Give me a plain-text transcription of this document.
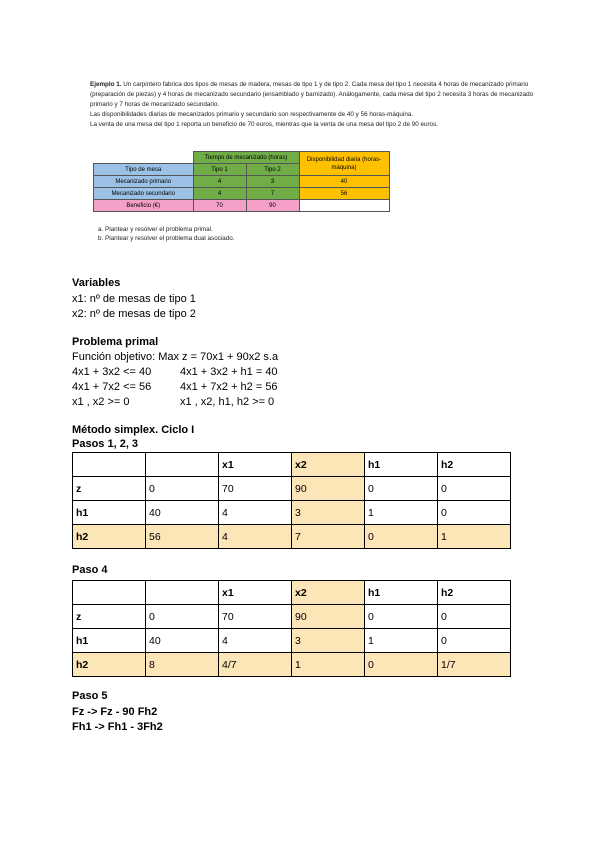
Ejemplo 1. Un carpintero fabrica dos tipos de mesas de madera, mesas de tipo 1 y de tipo 2. Cada mesa del tipo 1 necesita 4 horas de mecanizado primario (preparación de piezas) y 4 horas de mecanizado secundario (ensamblado y barnizado). Análogamente, cada mesa del tipo 2 necesita 3 horas de mecanizado primario y 7 horas de mecanizado secundario.

Las disponibilidades diarias de mecanizados primario y secundario son respectivamente de 40 y 56 horas-máquina.

La venta de una mesa del tipo 1 reporta un beneficio de 70 euros, mientras que la venta de una mesa del tipo 2 de 90 euros.

	Tiempo de mecanizado (horas)		Disponibilidad diaria (horas-máquina)
Tipo de mesa	Tipo 1	Tipo 2	
Mecanizado primario	4	3	40
Mecanizado secundario	4	7	56
Beneficio (€)	70	90	
a. Plantear y resolver el problema primal.
b. Plantear y resolver el problema dual asociado.
Variables
x1: nº de mesas de tipo 1
x2: nº de mesas de tipo 2
Problema primal
Función objetivo: Max z = 70x1 + 90x2 s.a
4x1 + 3x2 <= 40
4x1 + 7x2 <= 56
x1 , x2 >= 0
4x1 + 3x2 + h1 = 40
4x1 + 7x2 + h2 = 56
x1 , x2, h1, h2 >= 0
Método simplex. Ciclo I
Pasos 1, 2, 3
		x1	x2	h1	h2
z	0	70	90	0	0
h1	40	4	3	1	0
h2	56	4	7	0	1
Paso 4
		x1	x2	h1	h2
z	0	70	90	0	0
h1	40	4	3	1	0
h2	8	4/7	1	0	1/7
Paso 5
Fz -> Fz - 90 Fh2
Fh1 -> Fh1 - 3Fh2
